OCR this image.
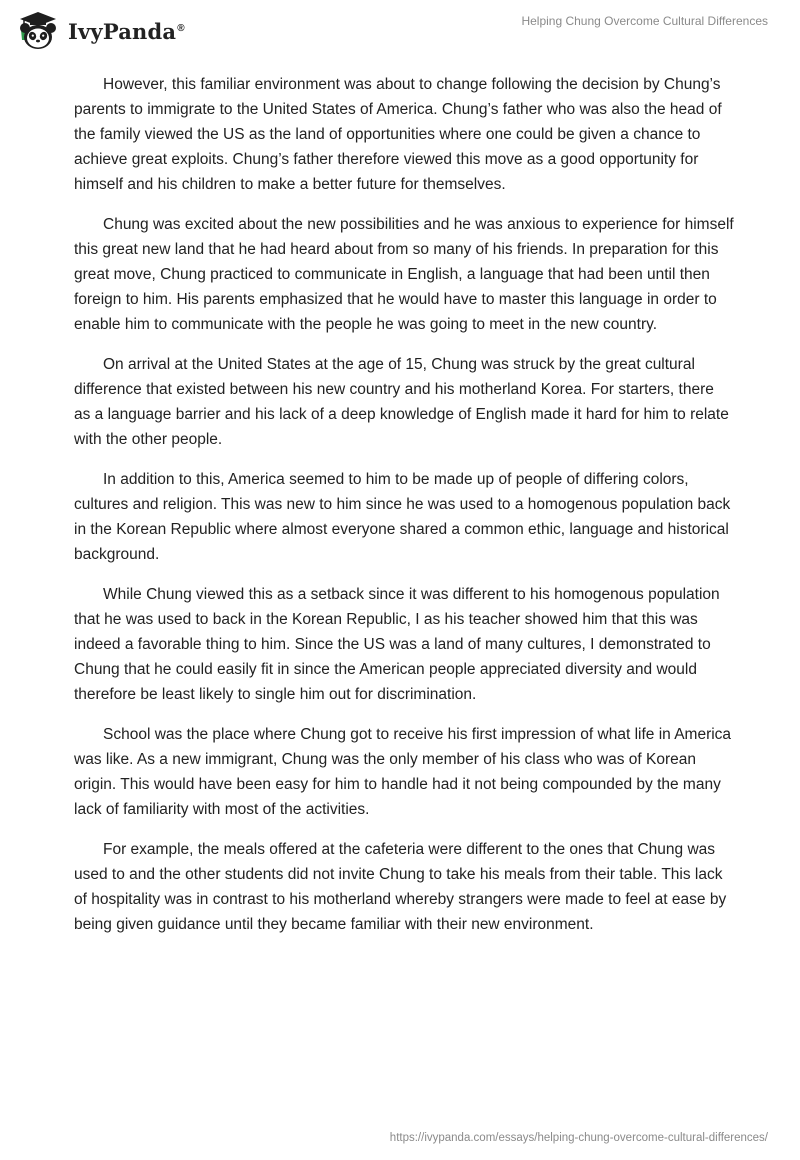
IvyPanda®	Helping Chung Overcome Cultural Differences

However, this familiar environment was about to change following the decision by Chung’s parents to immigrate to the United States of America. Chung’s father who was also the head of the family viewed the US as the land of opportunities where one could be given a chance to achieve great exploits. Chung’s father therefore viewed this move as a good opportunity for himself and his children to make a better future for themselves.

Chung was excited about the new possibilities and he was anxious to experience for himself this great new land that he had heard about from so many of his friends. In preparation for this great move, Chung practiced to communicate in English, a language that had been until then foreign to him. His parents emphasized that he would have to master this language in order to enable him to communicate with the people he was going to meet in the new country.

On arrival at the United States at the age of 15, Chung was struck by the great cultural difference that existed between his new country and his motherland Korea. For starters, there as a language barrier and his lack of a deep knowledge of English made it hard for him to relate with the other people.

In addition to this, America seemed to him to be made up of people of differing colors, cultures and religion. This was new to him since he was used to a homogenous population back in the Korean Republic where almost everyone shared a common ethic, language and historical background.

While Chung viewed this as a setback since it was different to his homogenous population that he was used to back in the Korean Republic, I as his teacher showed him that this was indeed a favorable thing to him. Since the US was a land of many cultures, I demonstrated to Chung that he could easily fit in since the American people appreciated diversity and would therefore be least likely to single him out for discrimination.

School was the place where Chung got to receive his first impression of what life in America was like. As a new immigrant, Chung was the only member of his class who was of Korean origin. This would have been easy for him to handle had it not being compounded by the many lack of familiarity with most of the activities.

For example, the meals offered at the cafeteria were different to the ones that Chung was used to and the other students did not invite Chung to take his meals from their table. This lack of hospitality was in contrast to his motherland whereby strangers were made to feel at ease by being given guidance until they became familiar with their new environment.

https://ivypanda.com/essays/helping-chung-overcome-cultural-differences/
